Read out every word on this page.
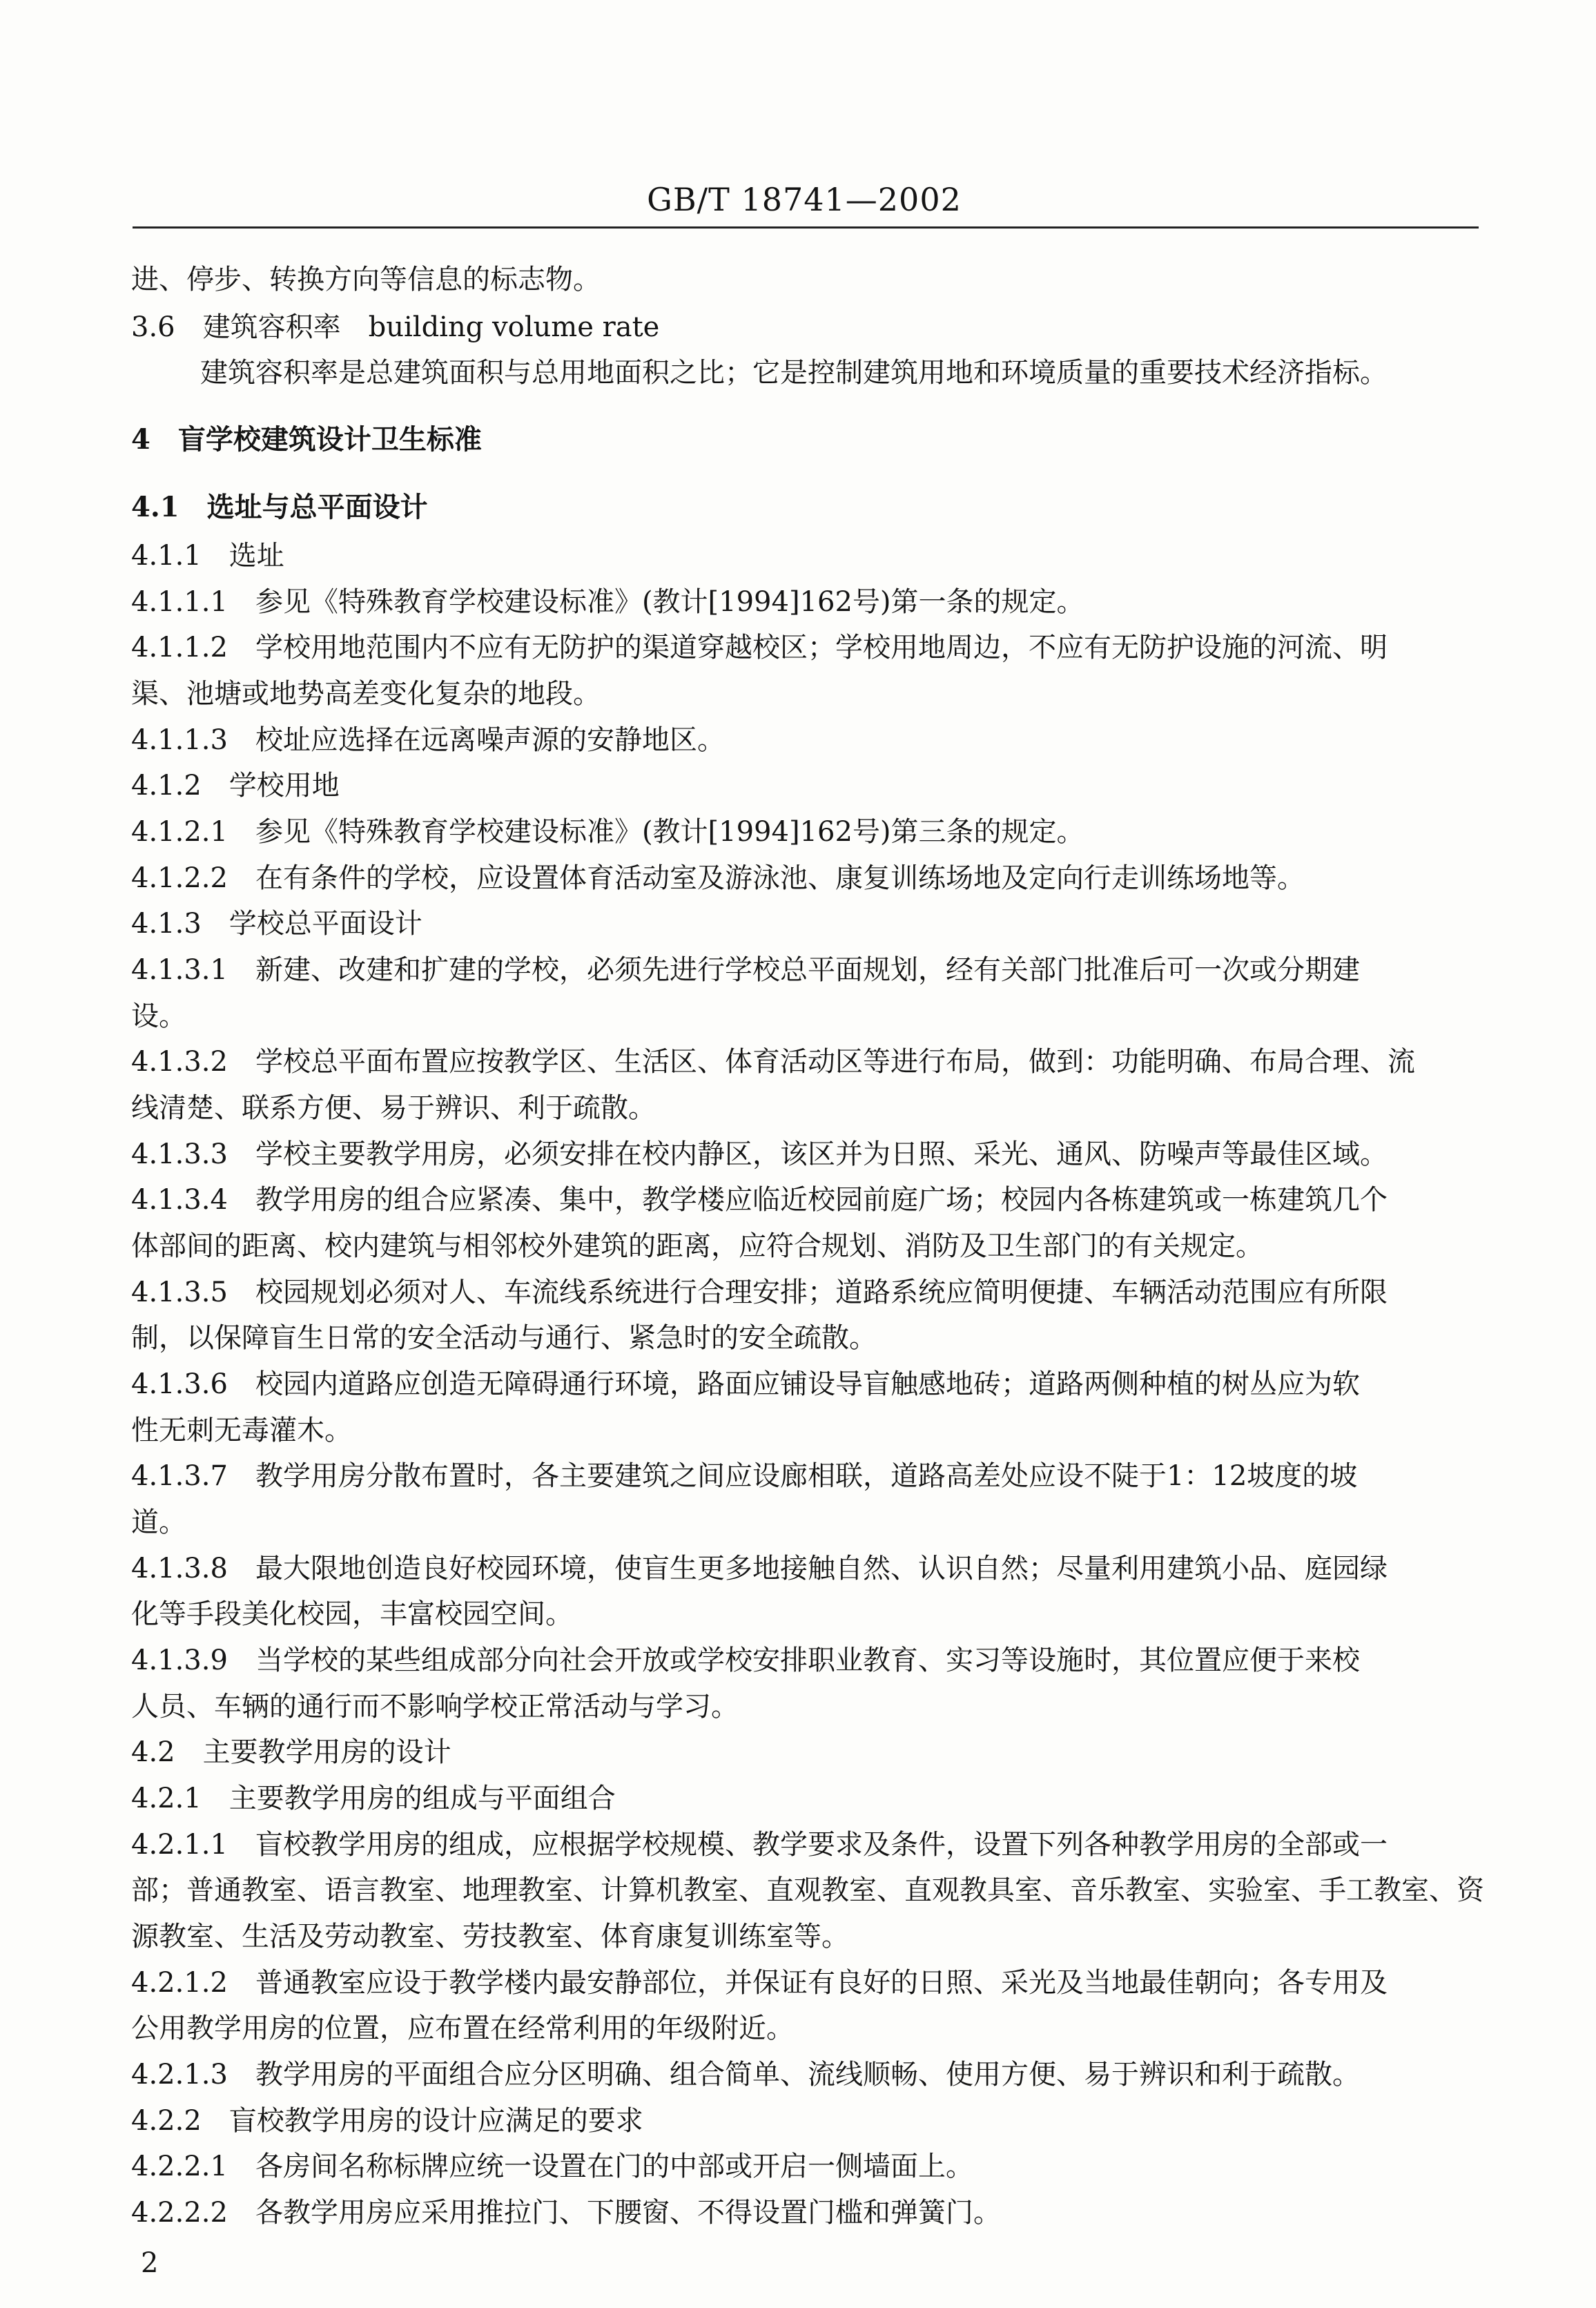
GB/T 18741—2002
进、停步、转换方向等信息的标志物。
3.6　建筑容积率　building volume rate
建筑容积率是总建筑面积与总用地面积之比；它是控制建筑用地和环境质量的重要技术经济指标。
4　盲学校建筑设计卫生标准
4.1　选址与总平面设计
4.1.1　选址
4.1.1.1　参见《特殊教育学校建设标准》(教计[1994]162号)第一条的规定。
4.1.1.2　学校用地范围内不应有无防护的渠道穿越校区；学校用地周边，不应有无防护设施的河流、明
渠、池塘或地势高差变化复杂的地段。
4.1.1.3　校址应选择在远离噪声源的安静地区。
4.1.2　学校用地
4.1.2.1　参见《特殊教育学校建设标准》(教计[1994]162号)第三条的规定。
4.1.2.2　在有条件的学校，应设置体育活动室及游泳池、康复训练场地及定向行走训练场地等。
4.1.3　学校总平面设计
4.1.3.1　新建、改建和扩建的学校，必须先进行学校总平面规划，经有关部门批准后可一次或分期建
设。
4.1.3.2　学校总平面布置应按教学区、生活区、体育活动区等进行布局，做到：功能明确、布局合理、流
线清楚、联系方便、易于辨识、利于疏散。
4.1.3.3　学校主要教学用房，必须安排在校内静区，该区并为日照、采光、通风、防噪声等最佳区域。
4.1.3.4　教学用房的组合应紧凑、集中，教学楼应临近校园前庭广场；校园内各栋建筑或一栋建筑几个
体部间的距离、校内建筑与相邻校外建筑的距离，应符合规划、消防及卫生部门的有关规定。
4.1.3.5　校园规划必须对人、车流线系统进行合理安排；道路系统应简明便捷、车辆活动范围应有所限
制，以保障盲生日常的安全活动与通行、紧急时的安全疏散。
4.1.3.6　校园内道路应创造无障碍通行环境，路面应铺设导盲触感地砖；道路两侧种植的树丛应为软
性无刺无毒灌木。
4.1.3.7　教学用房分散布置时，各主要建筑之间应设廊相联，道路高差处应设不陡于1：12坡度的坡
道。
4.1.3.8　最大限地创造良好校园环境，使盲生更多地接触自然、认识自然；尽量利用建筑小品、庭园绿
化等手段美化校园，丰富校园空间。
4.1.3.9　当学校的某些组成部分向社会开放或学校安排职业教育、实习等设施时，其位置应便于来校
人员、车辆的通行而不影响学校正常活动与学习。
4.2　主要教学用房的设计
4.2.1　主要教学用房的组成与平面组合
4.2.1.1　盲校教学用房的组成，应根据学校规模、教学要求及条件，设置下列各种教学用房的全部或一
部；普通教室、语言教室、地理教室、计算机教室、直观教室、直观教具室、音乐教室、实验室、手工教室、资
源教室、生活及劳动教室、劳技教室、体育康复训练室等。
4.2.1.2　普通教室应设于教学楼内最安静部位，并保证有良好的日照、采光及当地最佳朝向；各专用及
公用教学用房的位置，应布置在经常利用的年级附近。
4.2.1.3　教学用房的平面组合应分区明确、组合简单、流线顺畅、使用方便、易于辨识和利于疏散。
4.2.2　盲校教学用房的设计应满足的要求
4.2.2.1　各房间名称标牌应统一设置在门的中部或开启一侧墙面上。
4.2.2.2　各教学用房应采用推拉门、下腰窗、不得设置门槛和弹簧门。
2
